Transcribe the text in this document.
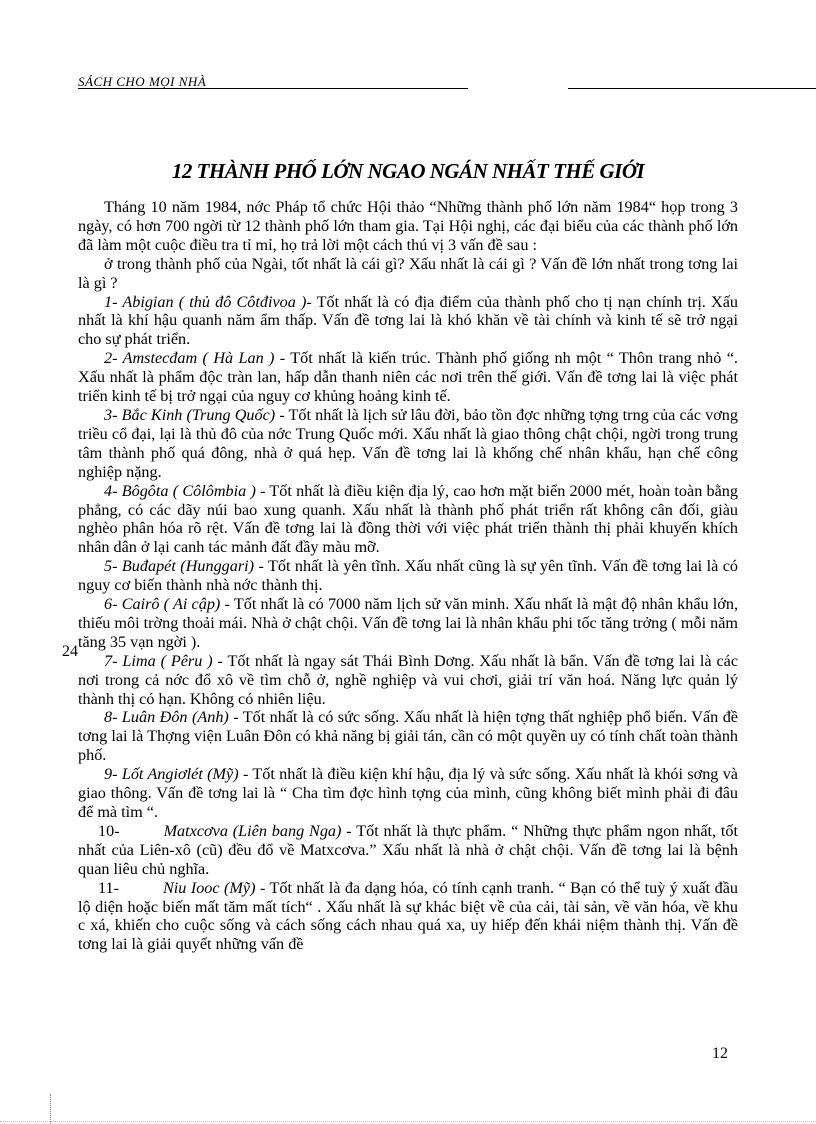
SÁCH CHO MỌI NHÀ
12 THÀNH PHỐ LỚN NGAO NGÁN NHẤT THẾ GIỚI

Tháng 10 năm 1984, nớc Pháp tổ chức Hội thảo “Những thành phố lớn năm 1984“ họp trong 3 ngày, có hơn 700 ngời từ 12 thành phố lớn tham gia. Tại Hội nghị, các đại biểu của các thành phố lớn đã làm một cuộc điều tra tỉ mỉ, họ trả lời một cách thú vị 3 vấn đề sau :

ở trong thành phố của Ngài, tốt nhất là cái gì? Xấu nhất là cái gì ? Vấn đề lớn nhất trong tơng lai là gì ?

1- Abigian ( thủ đô Côtđivoa )- Tốt nhất là có địa điểm của thành phố cho tị nạn chính trị. Xấu nhất là khí hậu quanh năm ẩm thấp. Vấn đề tơng lai là khó khăn về tài chính và kinh tế sẽ trở ngại cho sự phát triển.

2- Amstecđam ( Hà Lan ) - Tốt nhất là kiến trúc. Thành phố giống nh một “ Thôn trang nhỏ “. Xấu nhất là phẩm độc tràn lan, hấp dẫn thanh niên các nơi trên thế giới. Vấn đề tơng lai là việc phát triển kinh tế bị trở ngại của nguy cơ khủng hoảng kinh tế.

3- Bắc Kinh (Trung Quốc) - Tốt nhất là lịch sử lâu đời, bảo tồn đợc những tợng trng của các vơng triều cổ đại, lại là thủ đô của nớc Trung Quốc mới. Xấu nhất là giao thông chật chội, ngời trong trung tâm thành phố quá đông, nhà ở quá hẹp. Vấn đề tơng lai là khống chế nhân khẩu, hạn chế công nghiệp nặng.

4- Bôgôta ( Côlômbia ) - Tốt nhất là điều kiện địa lý, cao hơn mặt biển 2000 mét, hoàn toàn bằng phẳng, có các dãy núi bao xung quanh. Xấu nhất là thành phố phát triển rất không cân đối, giàu nghèo phân hóa rõ rệt. Vấn đề tơng lai là đồng thời với việc phát triển thành thị phải khuyến khích nhân dân ở lại canh tác mảnh đất đầy màu mỡ.

5- Buđapét (Hunggari) - Tốt nhất là yên tĩnh. Xấu nhất cũng là sự yên tĩnh. Vấn đề tơng lai là có nguy cơ biến thành nhà nớc thành thị.

6- Cairô ( Ai cập) - Tốt nhất là có 7000 năm lịch sử văn minh. Xấu nhất là mật độ nhân khẩu lớn, thiếu môi trờng thoải mái. Nhà ở chật chội. Vấn đề tơng lai là nhân khẩu phi tốc tăng trởng ( mỗi năm tăng 35 vạn ngời ).

7- Lima ( Pêru ) - Tốt nhất là ngay sát Thái Bình Dơng. Xấu nhất là bẩn. Vấn đề tơng lai là các nơi trong cả nớc đổ xô về tìm chỗ ở, nghề nghiệp và vui chơi, giải trí văn hoá. Năng lực quản lý thành thị có hạn. Không có nhiên liệu.

8- Luân Đôn (Anh) - Tốt nhất là có sức sống. Xấu nhất là hiện tợng thất nghiệp phổ biến. Vấn đề tơng lai là Thợng viện Luân Đôn có khả năng bị giải tán, cần có một quyền uy có tính chất toàn thành phố.

9- Lốt Angiơlét (Mỹ) - Tốt nhất là điều kiện khí hậu, địa lý và sức sống. Xấu nhất là khói sơng và giao thông. Vấn đề tơng lai là “ Cha tìm đợc hình tợng của mình, cũng không biết mình phải đi đâu để mà tìm “.

10-	Matxcơva (Liên bang Nga) - Tốt nhất là thực phẩm. “ Những thực phẩm ngon nhất, tốt nhất của Liên-xô (cũ) đều đổ về Matxcơva.” Xấu nhất là nhà ở chật chội. Vấn đề tơng lai là bệnh quan liêu chủ nghĩa.

11-	Niu Iooc (Mỹ) - Tốt nhất là đa dạng hóa, có tính cạnh tranh. “ Bạn có thể tuỳ ý xuất đầu lộ diện hoặc biến mất tăm mất tích“ . Xấu nhất là sự khác biệt về của cải, tài sản, về văn hóa, về khu c xá, khiến cho cuộc sống và cách sống cách nhau quá xa, uy hiếp đến khái niệm thành thị. Vấn đề tơng lai là giải quyết những vấn đề

24
12
